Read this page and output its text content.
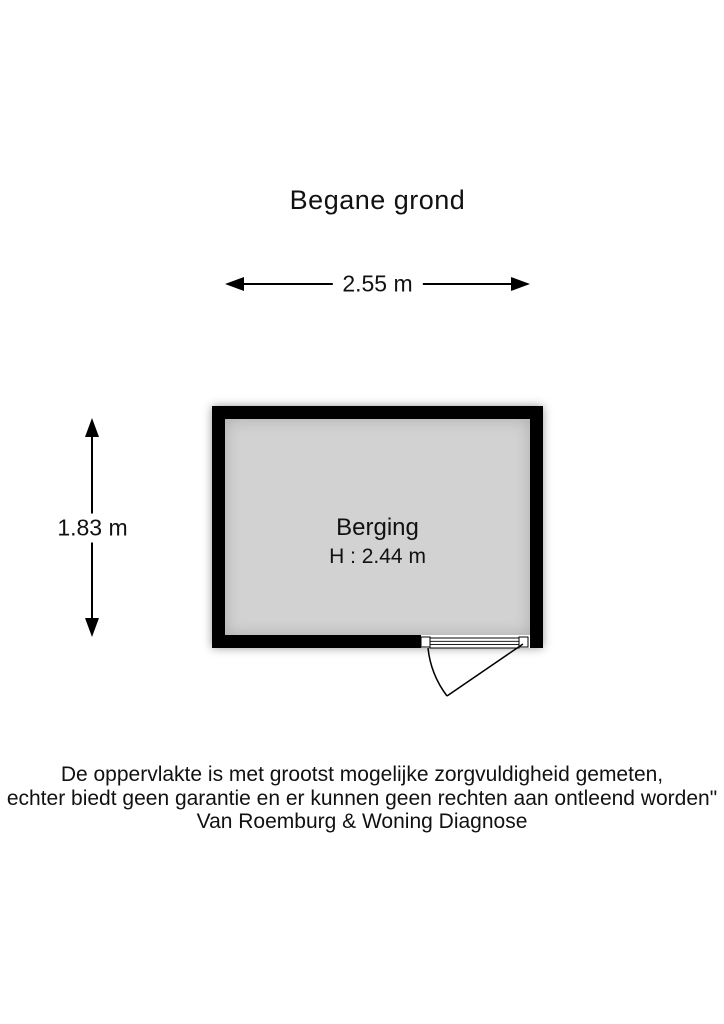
Begane grond
2.55 m
1.83 m	Berging
H : 2.44 m
De oppervlakte is met grootst mogelijke zorgvuldigheid gemeten,
echter biedt geen garantie en er kunnen geen rechten aan ontleend worden"
Van Roemburg & Woning Diagnose
